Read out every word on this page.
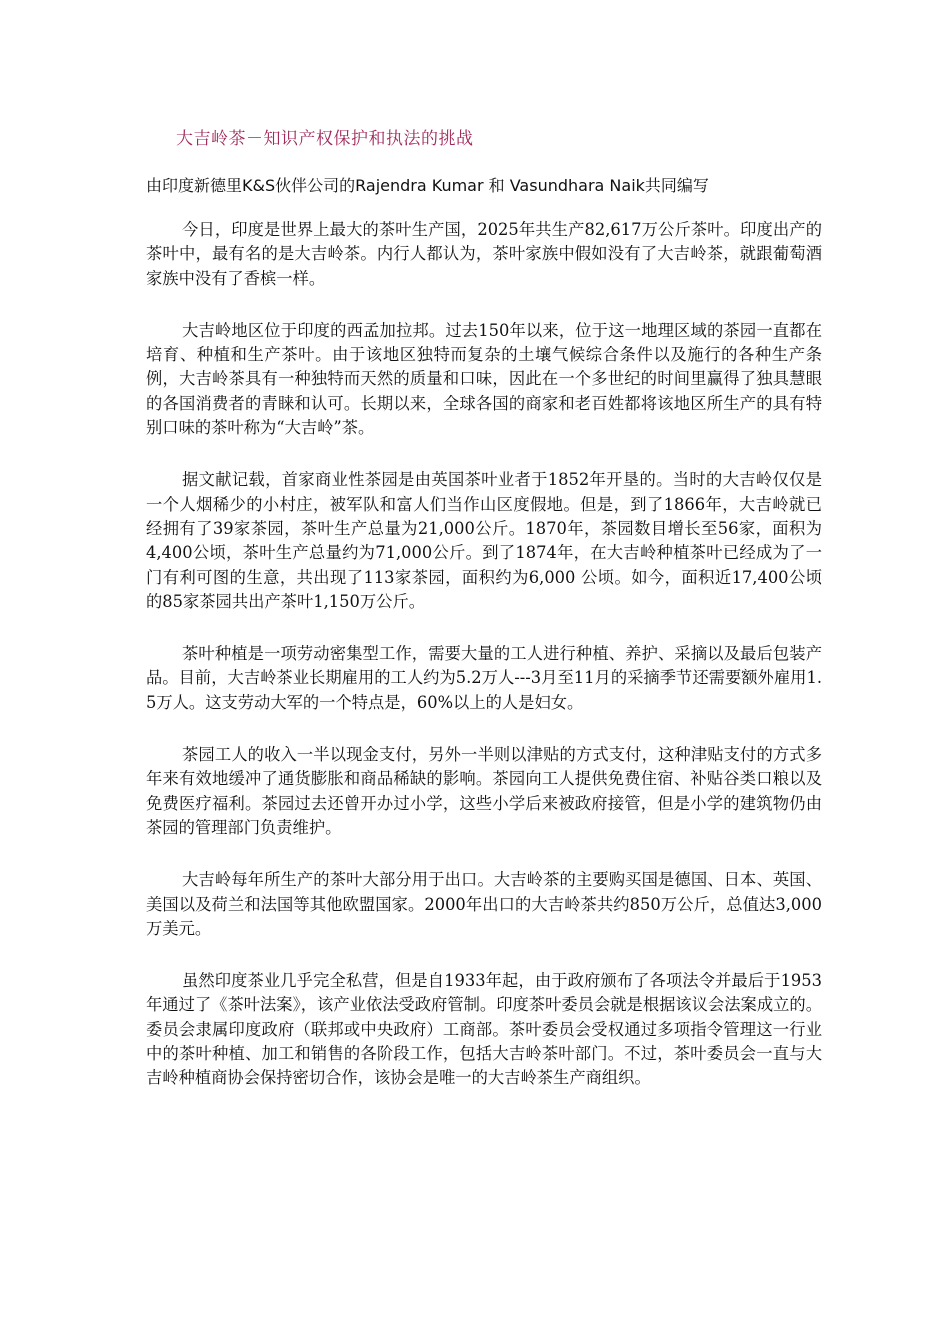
大吉岭茶－知识产权保护和执法的挑战
由印度新德里K&S伙伴公司的Rajendra Kumar 和 Vasundhara Naik共同编写

今日，印度是世界上最大的茶叶生产国，2025年共生产82,617万公斤茶叶。印度出产的茶叶中，最有名的是大吉岭茶。内行人都认为，茶叶家族中假如没有了大吉岭茶，就跟葡萄酒家族中没有了香槟一样。

大吉岭地区位于印度的西孟加拉邦。过去150年以来，位于这一地理区域的茶园一直都在培育、种植和生产茶叶。由于该地区独特而复杂的土壤气候综合条件以及施行的各种生产条例，大吉岭茶具有一种独特而天然的质量和口味，因此在一个多世纪的时间里赢得了独具慧眼的各国消费者的青睐和认可。长期以来，全球各国的商家和老百姓都将该地区所生产的具有特别口味的茶叶称为“大吉岭”茶。

据文献记载，首家商业性茶园是由英国茶叶业者于1852年开垦的。当时的大吉岭仅仅是一个人烟稀少的小村庄，被军队和富人们当作山区度假地。但是，到了1866年，大吉岭就已经拥有了39家茶园，茶叶生产总量为21,000公斤。1870年，茶园数目增长至56家，面积为4,400公顷，茶叶生产总量约为71,000公斤。到了1874年，在大吉岭种植茶叶已经成为了一门有利可图的生意，共出现了113家茶园，面积约为6,000 公顷。如今，面积近17,400公顷的85家茶园共出产茶叶1,150万公斤。

茶叶种植是一项劳动密集型工作，需要大量的工人进行种植、养护、采摘以及最后包装产品。目前，大吉岭茶业长期雇用的工人约为5.2万人---3月至11月的采摘季节还需要额外雇用1.5万人。这支劳动大军的一个特点是，60%以上的人是妇女。

茶园工人的收入一半以现金支付，另外一半则以津贴的方式支付，这种津贴支付的方式多年来有效地缓冲了通货膨胀和商品稀缺的影响。茶园向工人提供免费住宿、补贴谷类口粮以及免费医疗福利。茶园过去还曾开办过小学，这些小学后来被政府接管，但是小学的建筑物仍由茶园的管理部门负责维护。

大吉岭每年所生产的茶叶大部分用于出口。大吉岭茶的主要购买国是德国、日本、英国、美国以及荷兰和法国等其他欧盟国家。2000年出口的大吉岭茶共约850万公斤，总值达3,000万美元。

虽然印度茶业几乎完全私营，但是自1933年起，由于政府颁布了各项法令并最后于1953年通过了《茶叶法案》，该产业依法受政府管制。印度茶叶委员会就是根据该议会法案成立的。委员会隶属印度政府（联邦或中央政府）工商部。茶叶委员会受权通过多项指令管理这一行业中的茶叶种植、加工和销售的各阶段工作，包括大吉岭茶叶部门。不过，茶叶委员会一直与大吉岭种植商协会保持密切合作，该协会是唯一的大吉岭茶生产商组织。
